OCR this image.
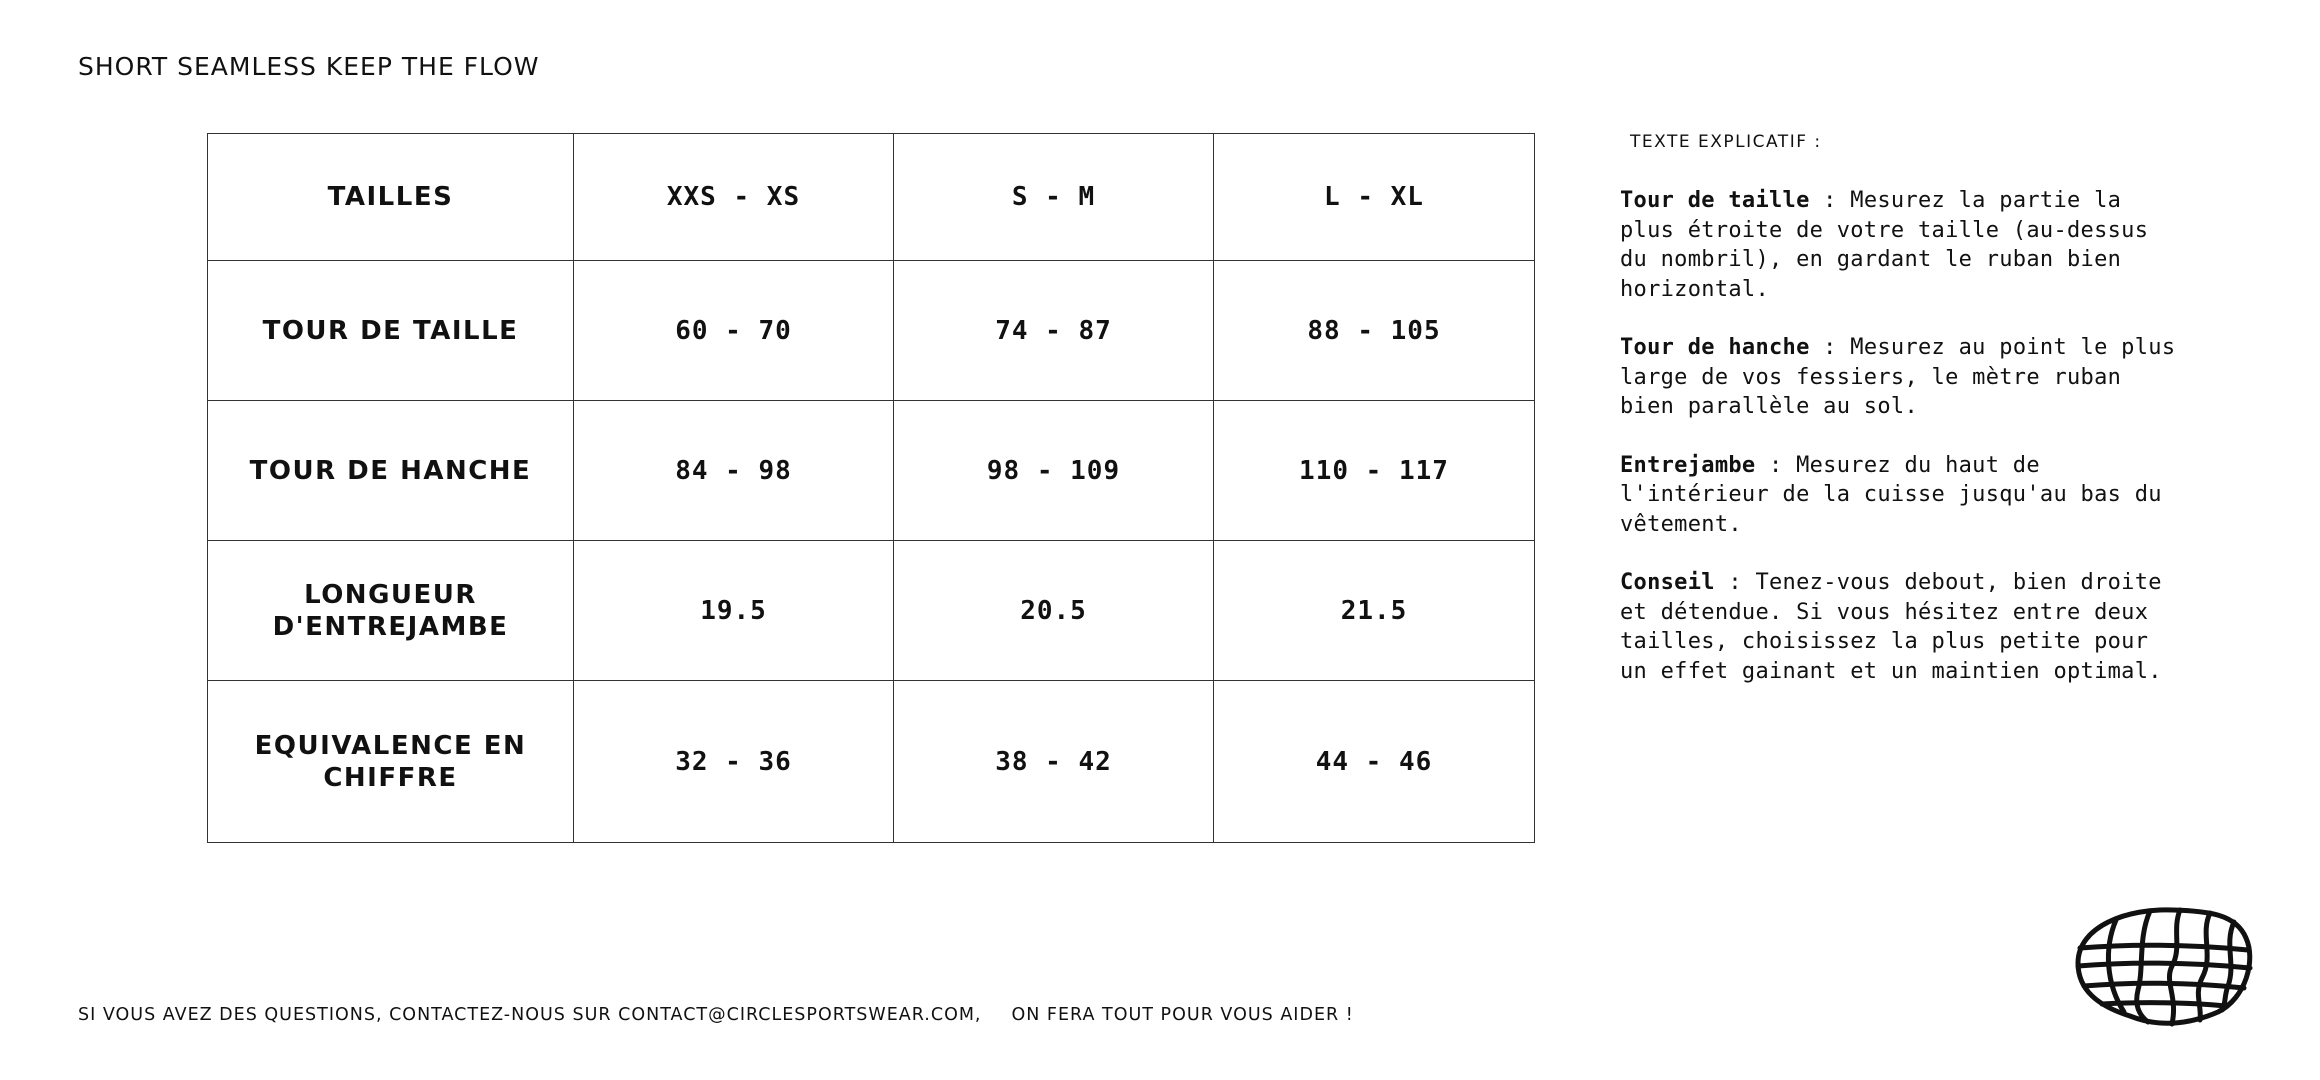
SHORT SEAMLESS KEEP THE FLOW
TAILLES	XXS - XS	S - M	L - XL
TOUR DE TAILLE	60 - 70	74 - 87	88 - 105
TOUR DE HANCHE	84 - 98	98 - 109	110 - 117
LONGUEUR
D'ENTREJAMBE	19.5	20.5	21.5
EQUIVALENCE EN
CHIFFRE	32 - 36	38 - 42	44 - 46
TEXTE EXPLICATIF :

Tour de taille : Mesurez la partie la plus étroite de votre taille (au-dessus du nombril), en gardant le ruban bien horizontal.

Tour de hanche : Mesurez au point le plus large de vos fessiers, le mètre ruban bien parallèle au sol.

Entrejambe : Mesurez du haut de l'intérieur de la cuisse jusqu'au bas du vêtement.

Conseil : Tenez-vous debout, bien droite et détendue. Si vous hésitez entre deux tailles, choisissez la plus petite pour un effet gainant et un maintien optimal.

SI VOUS AVEZ DES QUESTIONS, CONTACTEZ-NOUS SUR CONTACT@CIRCLESPORTSWEAR.COM, ON FERA TOUT POUR VOUS AIDER !
